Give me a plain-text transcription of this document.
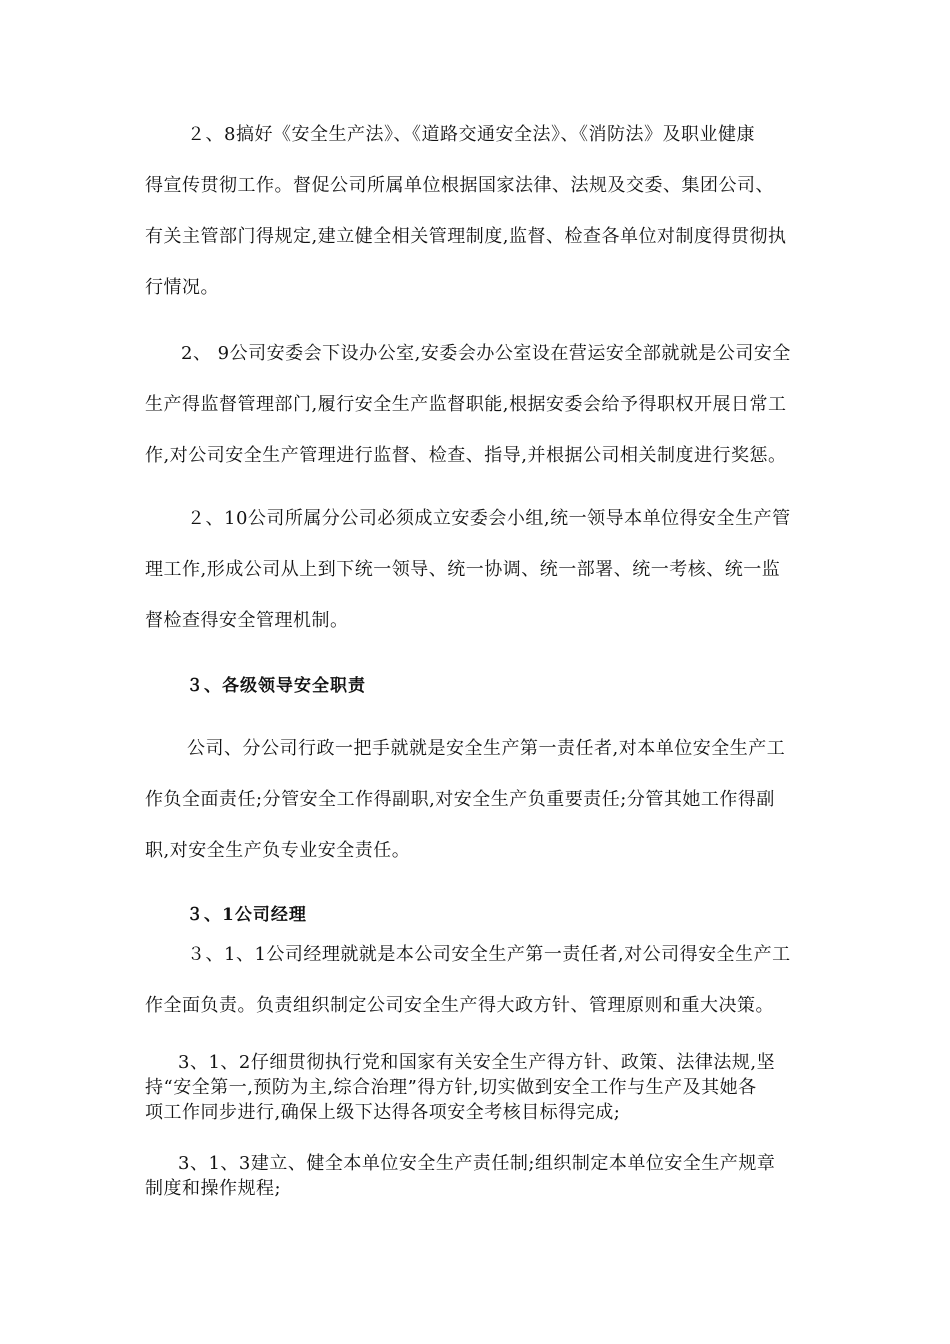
２、8搞好《安全生产法》、《道路交通安全法》、《消防法》及职业健康
得宣传贯彻工作。督促公司所属单位根据国家法律、法规及交委、集团公司、
有关主管部门得规定,建立健全相关管理制度,监督、检查各单位对制度得贯彻执
行情况。
2、 9公司安委会下设办公室,安委会办公室设在营运安全部就就是公司安全
生产得监督管理部门,履行安全生产监督职能,根据安委会给予得职权开展日常工
作,对公司安全生产管理进行监督、检查、指导,并根据公司相关制度进行奖惩。
２、10公司所属分公司必须成立安委会小组,统一领导本单位得安全生产管
理工作,形成公司从上到下统一领导、统一协调、统一部署、统一考核、统一监
督检查得安全管理机制。
３、各级领导安全职责
公司、分公司行政一把手就就是安全生产第一责任者,对本单位安全生产工
作负全面责任;分管安全工作得副职,对安全生产负重要责任;分管其她工作得副
职,对安全生产负专业安全责任。
３、1公司经理
３、1、1公司经理就就是本公司安全生产第一责任者,对公司得安全生产工
作全面负责。负责组织制定公司安全生产得大政方针、管理原则和重大决策。
3、1、2仔细贯彻执行党和国家有关安全生产得方针、政策、法律法规,坚
持“安全第一,预防为主,综合治理”得方针,切实做到安全工作与生产及其她各
项工作同步进行,确保上级下达得各项安全考核目标得完成;
3、1、3建立、健全本单位安全生产责任制;组织制定本单位安全生产规章
制度和操作规程;
